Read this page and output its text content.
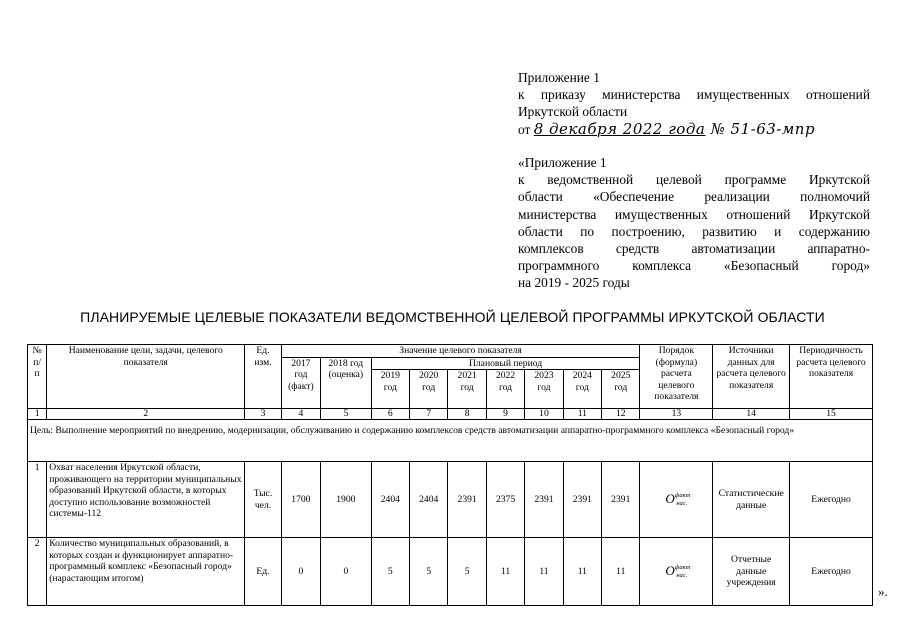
Приложение 1
к приказу министерства имущественных отношений
Иркутской области
от 8 декабря 2022 года № 51-63-мпр
«Приложение 1
к ведомственной целевой программе Иркутской
области «Обеспечение реализации полномочий
министерства имущественных отношений Иркутской
области по построению, развитию и содержанию
комплексов средств автоматизации аппаратно-
программного комплекса «Безопасный город»
на 2019 - 2025 годы
ПЛАНИРУЕМЫЕ ЦЕЛЕВЫЕ ПОКАЗАТЕЛИ ВЕДОМСТВЕННОЙ ЦЕЛЕВОЙ ПРОГРАММЫ ИРКУТСКОЙ ОБЛАСТИ
№ п/ п	Наименование цели, задачи, целевого показателя	Ед. изм.	Значение целевого показателя									Порядок (формула) расчета целевого показателя	Источники данных для расчета целевого показателя	Периодичность расчета целевого показателя
			2017 год (факт)	2018 год (оценка)	Плановый период									
					2019 год	2020 год	2021 год	2022 год	2023 год	2024 год	2025 год			
1	2	3	4	5	6	7	8	9	10	11	12	13	14	15
Цель: Выполнение мероприятий по внедрению, модернизации, обслуживанию и содержанию комплексов средств автоматизации аппаратно-программного комплекса «Безопасный город»														
1	Охват населения Иркутской области, проживающего на территории муниципальных образований Иркутской области, в которых доступно использование возможностей системы-112	Тыс. чел.	1700	1900	2404	2404	2391	2375	2391	2391	2391	$O^{факт}_{нас.}$	Статистические данные	Ежегодно
2	Количество муниципальных образований, в которых создан и функционирует аппаратно-программный комплекс «Безопасный город» (нарастающим итогом)	Ед.	0	0	5	5	5	11	11	11	11	$O^{факт}_{нас.}$	Отчетные данные учреждения	Ежегодно
».
